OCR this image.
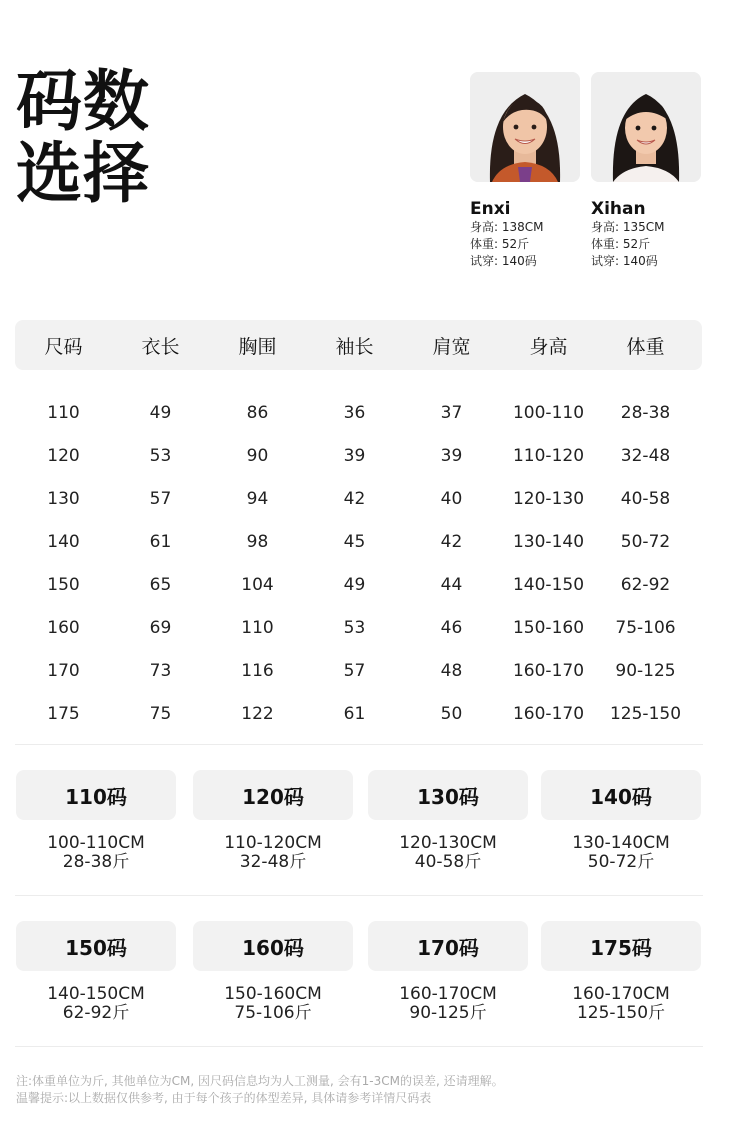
码数
选择	Enxi
身高: 138CM
体重: 52斤
试穿: 140码
Xihan
身高: 135CM
体重: 52斤
试穿: 140码
尺码	衣长	胸围	袖长	肩宽	身高	体重
110	49	86	36	37	100-110	28-38
120	53	90	39	39	110-120	32-48
130	57	94	42	40	120-130	40-58
140	61	98	45	42	130-140	50-72
150	65	104	49	44	140-150	62-92
160	69	110	53	46	150-160	75-106
170	73	116	57	48	160-170	90-125
175	75	122	61	50	160-170	125-150
110码
100-110CM
28-38斤
120码
110-120CM
32-48斤
130码
120-130CM
40-58斤
140码
130-140CM
50-72斤
150码
140-150CM
62-92斤
160码
150-160CM
75-106斤
170码
160-170CM
90-125斤
175码
160-170CM
125-150斤
注:体重单位为斤, 其他单位为CM, 因尺码信息均为人工测量, 会有1-3CM的误差, 还请理解。
温馨提示:以上数据仅供参考, 由于每个孩子的体型差异, 具体请参考详情尺码表
